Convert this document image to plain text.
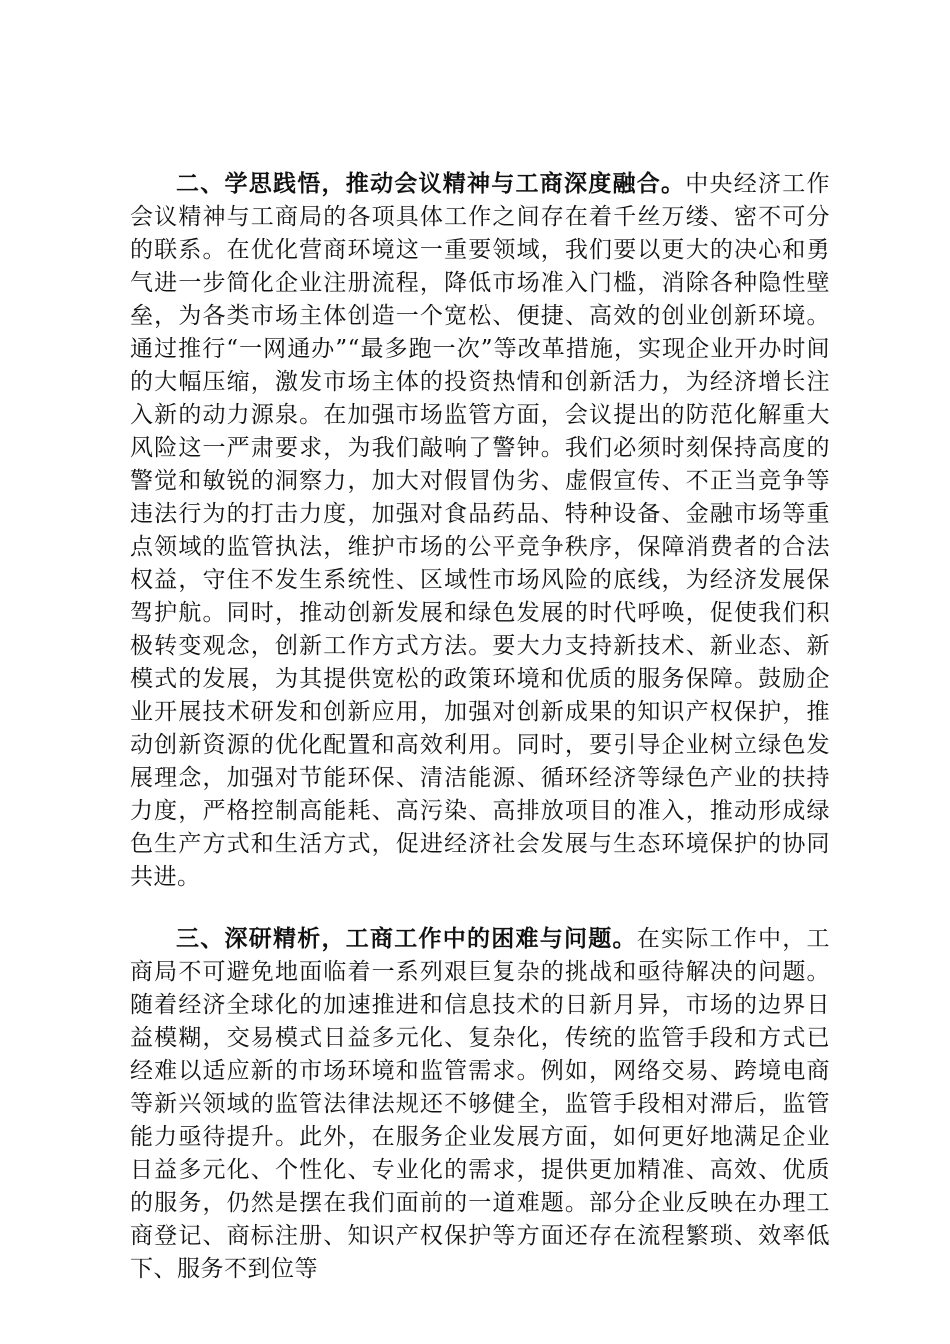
二、学思践悟，推动会议精神与工商深度融合。中央经济工作会议精神与工商局的各项具体工作之间存在着千丝万缕、密不可分的联系。在优化营商环境这一重要领域，我们要以更大的决心和勇气进一步简化企业注册流程，降低市场准入门槛，消除各种隐性壁垒，为各类市场主体创造一个宽松、便捷、高效的创业创新环境。通过推行“一网通办”“最多跑一次”等改革措施，实现企业开办时间的大幅压缩，激发市场主体的投资热情和创新活力，为经济增长注入新的动力源泉。在加强市场监管方面，会议提出的防范化解重大风险这一严肃要求，为我们敲响了警钟。我们必须时刻保持高度的警觉和敏锐的洞察力，加大对假冒伪劣、虚假宣传、不正当竞争等违法行为的打击力度，加强对食品药品、特种设备、金融市场等重点领域的监管执法，维护市场的公平竞争秩序，保障消费者的合法权益，守住不发生系统性、区域性市场风险的底线，为经济发展保驾护航。同时，推动创新发展和绿色发展的时代呼唤，促使我们积极转变观念，创新工作方式方法。要大力支持新技术、新业态、新模式的发展，为其提供宽松的政策环境和优质的服务保障。鼓励企业开展技术研发和创新应用，加强对创新成果的知识产权保护，推动创新资源的优化配置和高效利用。同时，要引导企业树立绿色发展理念，加强对节能环保、清洁能源、循环经济等绿色产业的扶持力度，严格控制高能耗、高污染、高排放项目的准入，推动形成绿色生产方式和生活方式，促进经济社会发展与生态环境保护的协同共进。

三、深研精析，工商工作中的困难与问题。在实际工作中，工商局不可避免地面临着一系列艰巨复杂的挑战和亟待解决的问题。随着经济全球化的加速推进和信息技术的日新月异，市场的边界日益模糊，交易模式日益多元化、复杂化，传统的监管手段和方式已经难以适应新的市场环境和监管需求。例如，网络交易、跨境电商等新兴领域的监管法律法规还不够健全，监管手段相对滞后，监管能力亟待提升。此外，在服务企业发展方面，如何更好地满足企业日益多元化、个性化、专业化的需求，提供更加精准、高效、优质的服务，仍然是摆在我们面前的一道难题。部分企业反映在办理工商登记、商标注册、知识产权保护等方面还存在流程繁琐、效率低下、服务不到位等
